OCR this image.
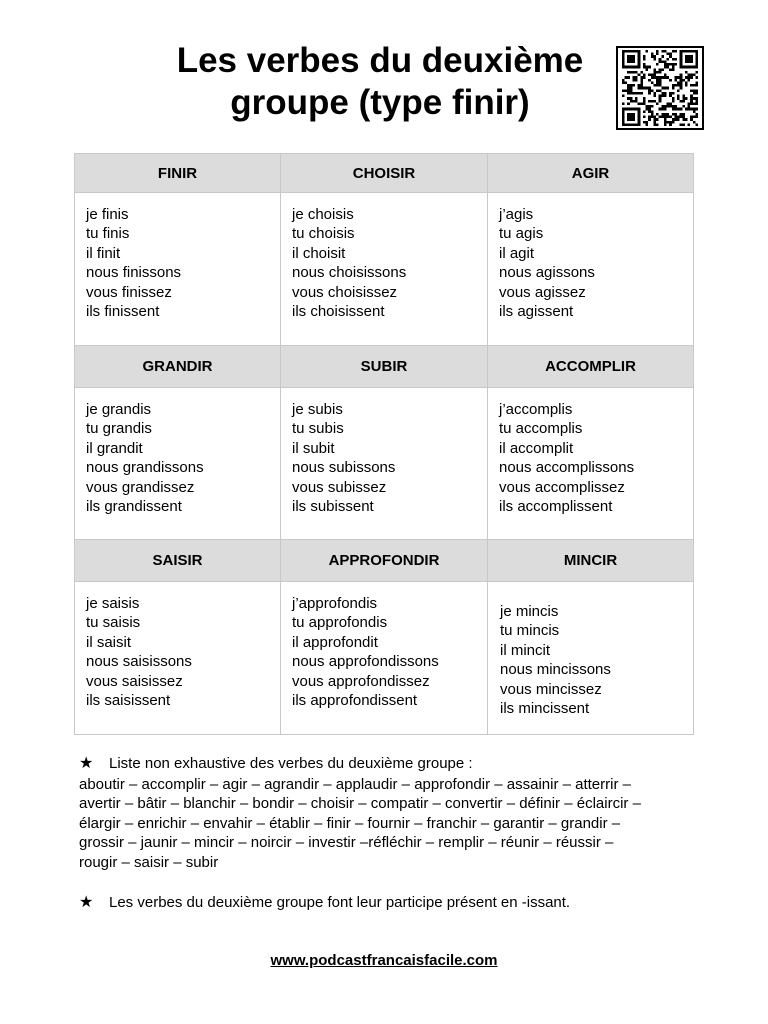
Les verbes du deuxième
groupe (type finir)
FINIR	CHOISIR	AGIR
je finis
tu finis
il finit
nous finissons
vous finissez
ils finissent
je choisis
tu choisis
il choisit
nous choisissons
vous choisissez
ils choisissent
j’agis
tu agis
il agit
nous agissons
vous agissez
ils agissent
GRANDIR	SUBIR	ACCOMPLIR
je grandis
tu grandis
il grandit
nous grandissons
vous grandissez
ils grandissent
je subis
tu subis
il subit
nous subissons
vous subissez
ils subissent
j’accomplis
tu accomplis
il accomplit
nous accomplissons
vous accomplissez
ils accomplissent
SAISIR	APPROFONDIR	MINCIR
je saisis
tu saisis
il saisit
nous saisissons
vous saisissez
ils saisissent
j’approfondis
tu approfondis
il approfondit
nous approfondissons
vous approfondissez
ils approfondissent
je mincis
tu mincis
il mincit
nous mincissons
vous mincissez
ils mincissent
★	Liste non exhaustive des verbes du deuxième groupe :
aboutir – accomplir – agir – agrandir – applaudir – approfondir – assainir – atterrir –
avertir – bâtir – blanchir – bondir – choisir – compatir – convertir – définir – éclaircir –
élargir – enrichir – envahir – établir – finir – fournir – franchir – garantir – grandir –
grossir – jaunir – mincir – noircir – investir –réfléchir – remplir – réunir – réussir –
rougir – saisir – subir
★	Les verbes du deuxième groupe font leur participe présent en -issant.
www.podcastfrancaisfacile.com
